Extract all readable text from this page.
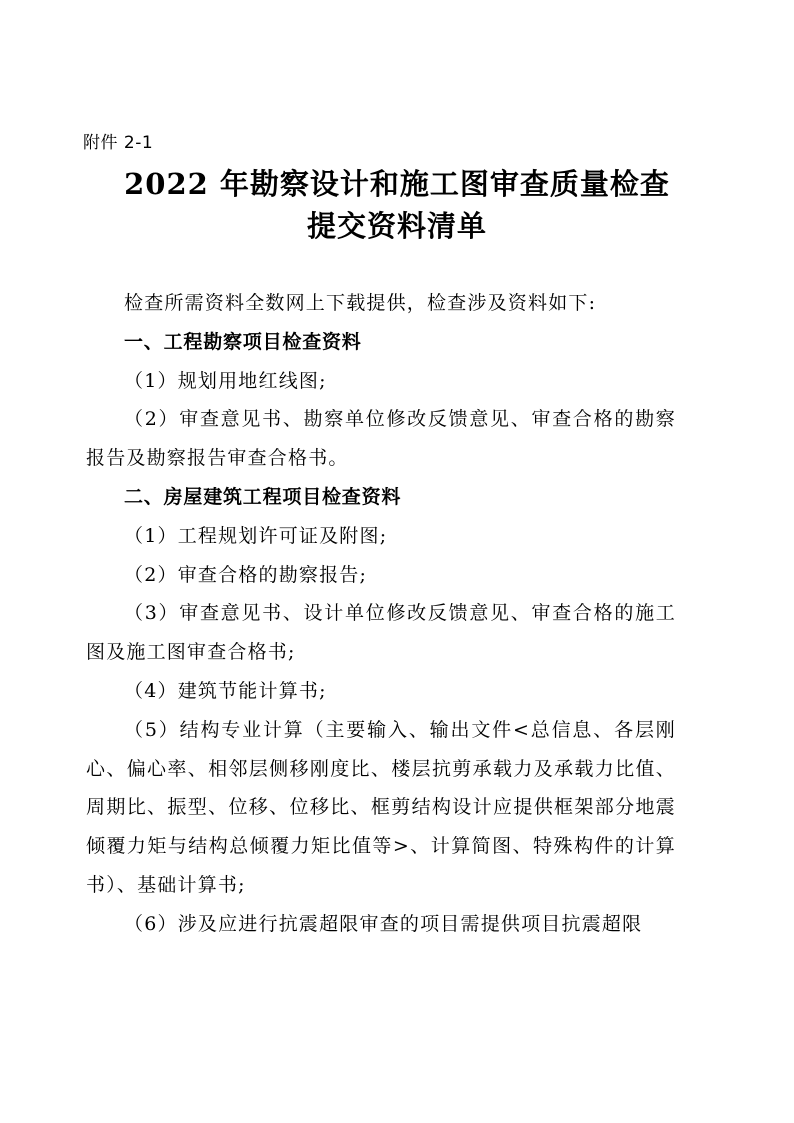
附件 2-1
2022 年勘察设计和施工图审查质量检查
提交资料清单

检查所需资料全数网上下载提供，检查涉及资料如下:

一、工程勘察项目检查资料

（1）规划用地红线图;

（2）审查意见书、勘察单位修改反馈意见、审查合格的勘察报告及勘察报告审查合格书。

二、房屋建筑工程项目检查资料

（1）工程规划许可证及附图;

（2）审查合格的勘察报告;

（3）审查意见书、设计单位修改反馈意见、审查合格的施工图及施工图审查合格书;

（4）建筑节能计算书;

（5）结构专业计算（主要输入、输出文件<总信息、各层刚心、偏心率、相邻层侧移刚度比、楼层抗剪承载力及承载力比值、周期比、振型、位移、位移比、框剪结构设计应提供框架部分地震倾覆力矩与结构总倾覆力矩比值等>、计算简图、特殊构件的计算书）、基础计算书;

（6）涉及应进行抗震超限审查的项目需提供项目抗震超限
